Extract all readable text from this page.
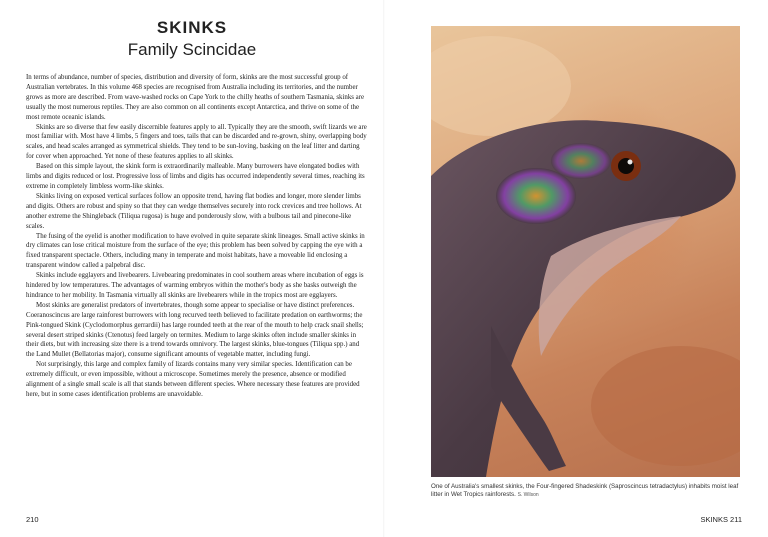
SKINKS
Family Scincidae

In terms of abundance, number of species, distribution and diversity of form, skinks are the most successful group of Australian vertebrates. In this volume 468 species are recognised from Australia including its territories, and the number grows as more are described. From wave-washed rocks on Cape York to the chilly heaths of southern Tasmania, skinks are usually the most numerous reptiles. They are also common on all continents except Antarctica, and thrive on some of the most remote oceanic islands.

Skinks are so diverse that few easily discernible features apply to all. Typically they are the smooth, swift lizards we are most familiar with. Most have 4 limbs, 5 fingers and toes, tails that can be discarded and re-grown, shiny, overlapping body scales, and head scales arranged as symmetrical shields. They tend to be sun-loving, basking on the leaf litter and darting for cover when approached. Yet none of these features applies to all skinks.

Based on this simple layout, the skink form is extraordinarily malleable. Many burrowers have elongated bodies with limbs and digits reduced or lost. Progressive loss of limbs and digits has occurred independently several times, reaching its extreme in completely limbless worm-like skinks.

Skinks living on exposed vertical surfaces follow an opposite trend, having flat bodies and longer, more slender limbs and digits. Others are robust and spiny so that they can wedge themselves securely into rock crevices and tree hollows. At another extreme the Shingleback (Tiliqua rugosa) is huge and ponderously slow, with a bulbous tail and pinecone-like scales.

The fusing of the eyelid is another modification to have evolved in quite separate skink lineages. Small active skinks in dry climates can lose critical moisture from the surface of the eye; this problem has been solved by capping the eye with a fixed transparent spectacle. Others, including many in temperate and moist habitats, have a moveable lid enclosing a transparent window called a palpebral disc.

Skinks include egglayers and livebearers. Livebearing predominates in cool southern areas where incubation of eggs is hindered by low temperatures. The advantages of warming embryos within the mother's body as she basks outweigh the hindrance to her mobility. In Tasmania virtually all skinks are livebearers while in the tropics most are egglayers.

Most skinks are generalist predators of invertebrates, though some appear to specialise or have distinct preferences. Coeranoscincus are large rainforest burrowers with long recurved teeth believed to facilitate predation on earthworms; the Pink-tongued Skink (Cyclodomorphus gerrardii) has large rounded teeth at the rear of the mouth to help crack snail shells; several desert striped skinks (Ctenotus) feed largely on termites. Medium to large skinks often include smaller skinks in their diets, but with increasing size there is a trend towards omnivory. The largest skinks, blue-tongues (Tiliqua spp.) and the Land Mullet (Bellatorias major), consume significant amounts of vegetable matter, including fungi.

Not surprisingly, this large and complex family of lizards contains many very similar species. Identification can be extremely difficult, or even impossible, without a microscope. Sometimes merely the presence, absence or modified alignment of a single small scale is all that stands between different species. Where necessary these features are provided here, but in some cases identification problems are unavoidable.

210
One of Australia's smallest skinks, the Four-fingered Shadeskink (Saproscincus tetradactylus) inhabits moist leaf litter in Wet Tropics rainforests. S. Wilson
SKINKS 211
